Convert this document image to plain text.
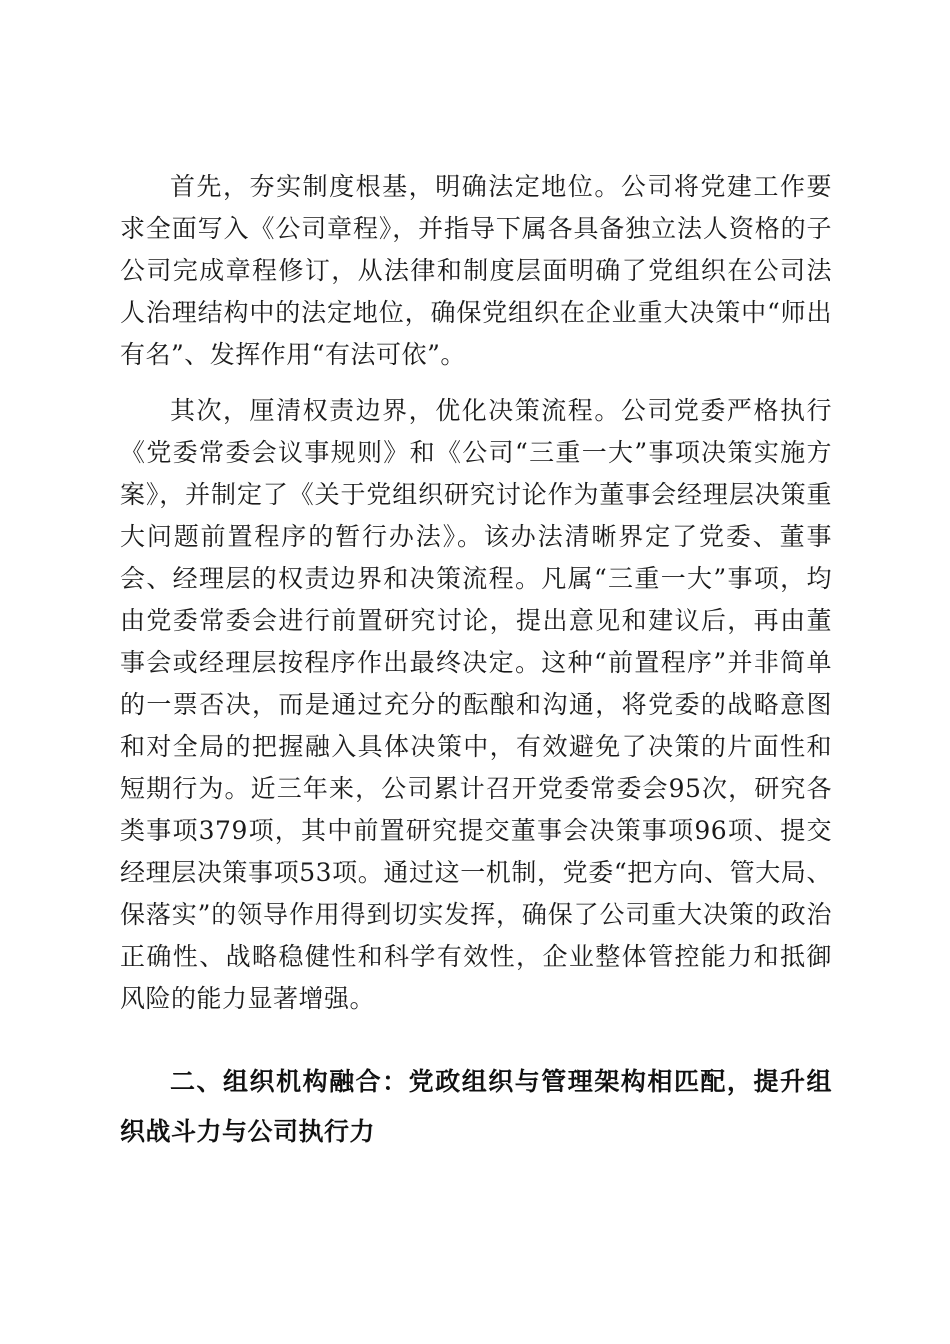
首先，夯实制度根基，明确法定地位。公司将党建工作要求全面写入《公司章程》，并指导下属各具备独立法人资格的子公司完成章程修订，从法律和制度层面明确了党组织在公司法人治理结构中的法定地位，确保党组织在企业重大决策中“师出有名”、发挥作用“有法可依”。

其次，厘清权责边界，优化决策流程。公司党委严格执行《党委常委会议事规则》和《公司“三重一大”事项决策实施方案》，并制定了《关于党组织研究讨论作为董事会经理层决策重大问题前置程序的暂行办法》。该办法清晰界定了党委、董事会、经理层的权责边界和决策流程。凡属“三重一大”事项，均由党委常委会进行前置研究讨论，提出意见和建议后，再由董事会或经理层按程序作出最终决定。这种“前置程序”并非简单的一票否决，而是通过充分的酝酿和沟通，将党委的战略意图和对全局的把握融入具体决策中，有效避免了决策的片面性和短期行为。近三年来，公司累计召开党委常委会95次，研究各类事项379项，其中前置研究提交董事会决策事项96项、提交经理层决策事项53项。通过这一机制，党委“把方向、管大局、保落实”的领导作用得到切实发挥，确保了公司重大决策的政治正确性、战略稳健性和科学有效性，企业整体管控能力和抵御风险的能力显著增强。

二、组织机构融合：党政组织与管理架构相匹配，提升组织战斗力与公司执行力
